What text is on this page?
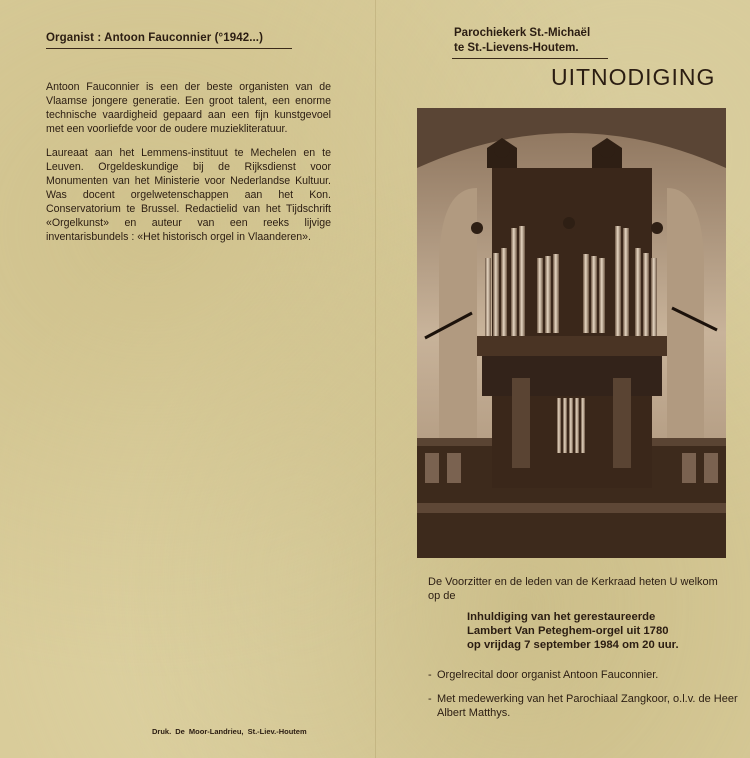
Organist : Antoon Fauconnier (°1942...)

Antoon Fauconnier is een der beste organisten van de Vlaamse jongere generatie. Een groot talent, een enorme technische vaardigheid gepaard aan een fijn kunstgevoel met een voorliefde voor de oudere muziekliteratuur.

Laureaat aan het Lemmens-instituut te Mechelen en te Leuven. Orgeldeskundige bij de Rijksdienst voor Monumenten van het Ministerie voor Nederlandse Kultuur. Was docent orgelwetenschappen aan het Kon. Conservatorium te Brussel. Redactielid van het Tijdschrift «Orgelkunst» en auteur van een reeks lijvige inventarisbundels : «Het historisch orgel in Vlaanderen».

Druk. De Moor-Landrieu, St.-Liev.-Houtem
Parochiekerk St.-Michaël
te St.-Lievens-Houtem.
UITNODIGING
De Voorzitter en de leden van de Kerkraad heten U welkom op de
Inhuldiging van het gerestaureerde
Lambert Van Peteghem-orgel uit 1780
op vrijdag 7 september 1984 om 20 uur.
- Orgelrecital door organist Antoon Fauconnier.
- Met medewerking van het Parochiaal Zangkoor, o.l.v. de Heer Albert Matthys.
